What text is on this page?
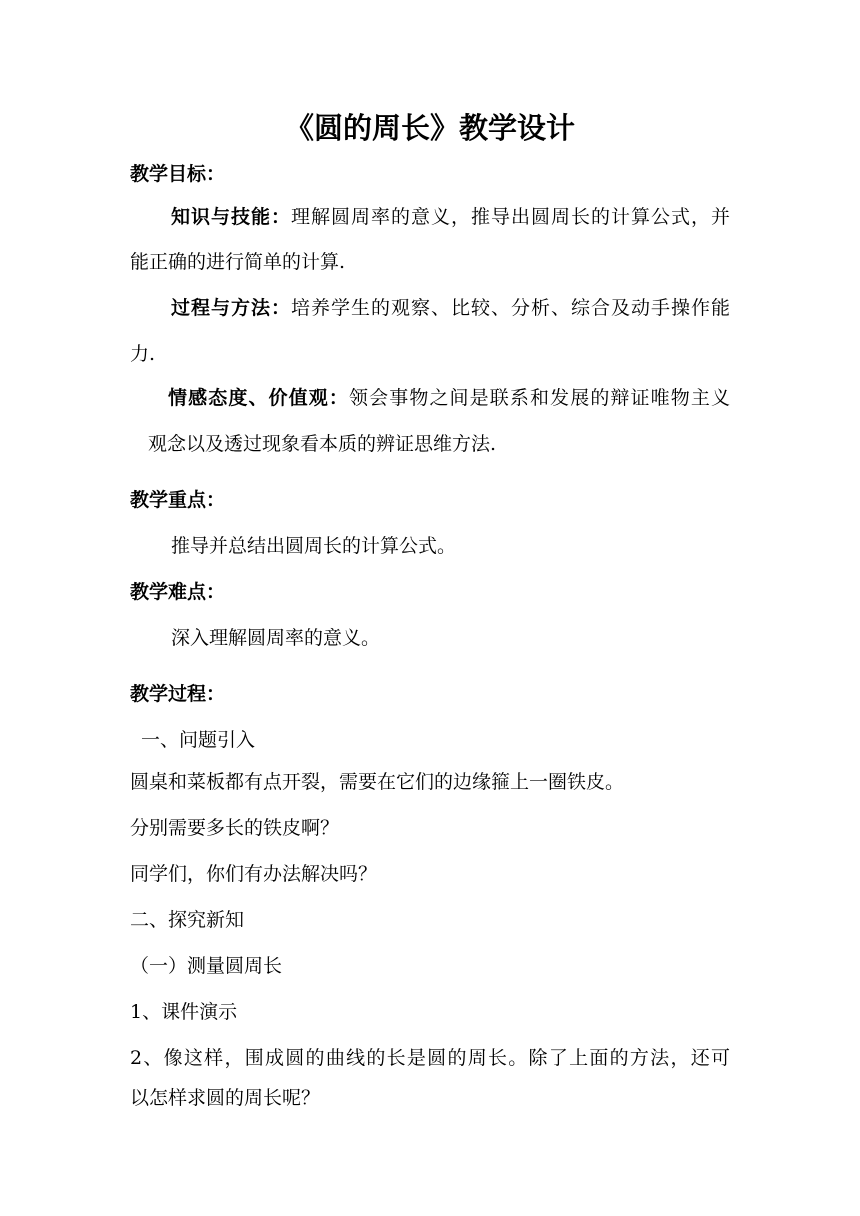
《圆的周长》教学设计
教学目标：
知识与技能：理解圆周率的意义，推导出圆周长的计算公式，并
能正确的进行简单的计算.
过程与方法：培养学生的观察、比较、分析、综合及动手操作能
力.
情感态度、价值观：领会事物之间是联系和发展的辩证唯物主义
观念以及透过现象看本质的辨证思维方法.
教学重点：
推导并总结出圆周长的计算公式。
教学难点：
深入理解圆周率的意义。
教学过程：
一、问题引入
圆桌和菜板都有点开裂，需要在它们的边缘箍上一圈铁皮。
分别需要多长的铁皮啊？
同学们，你们有办法解决吗？
二、探究新知
（一）测量圆周长
1、课件演示
2、像这样，围成圆的曲线的长是圆的周长。除了上面的方法，还可
以怎样求圆的周长呢？
